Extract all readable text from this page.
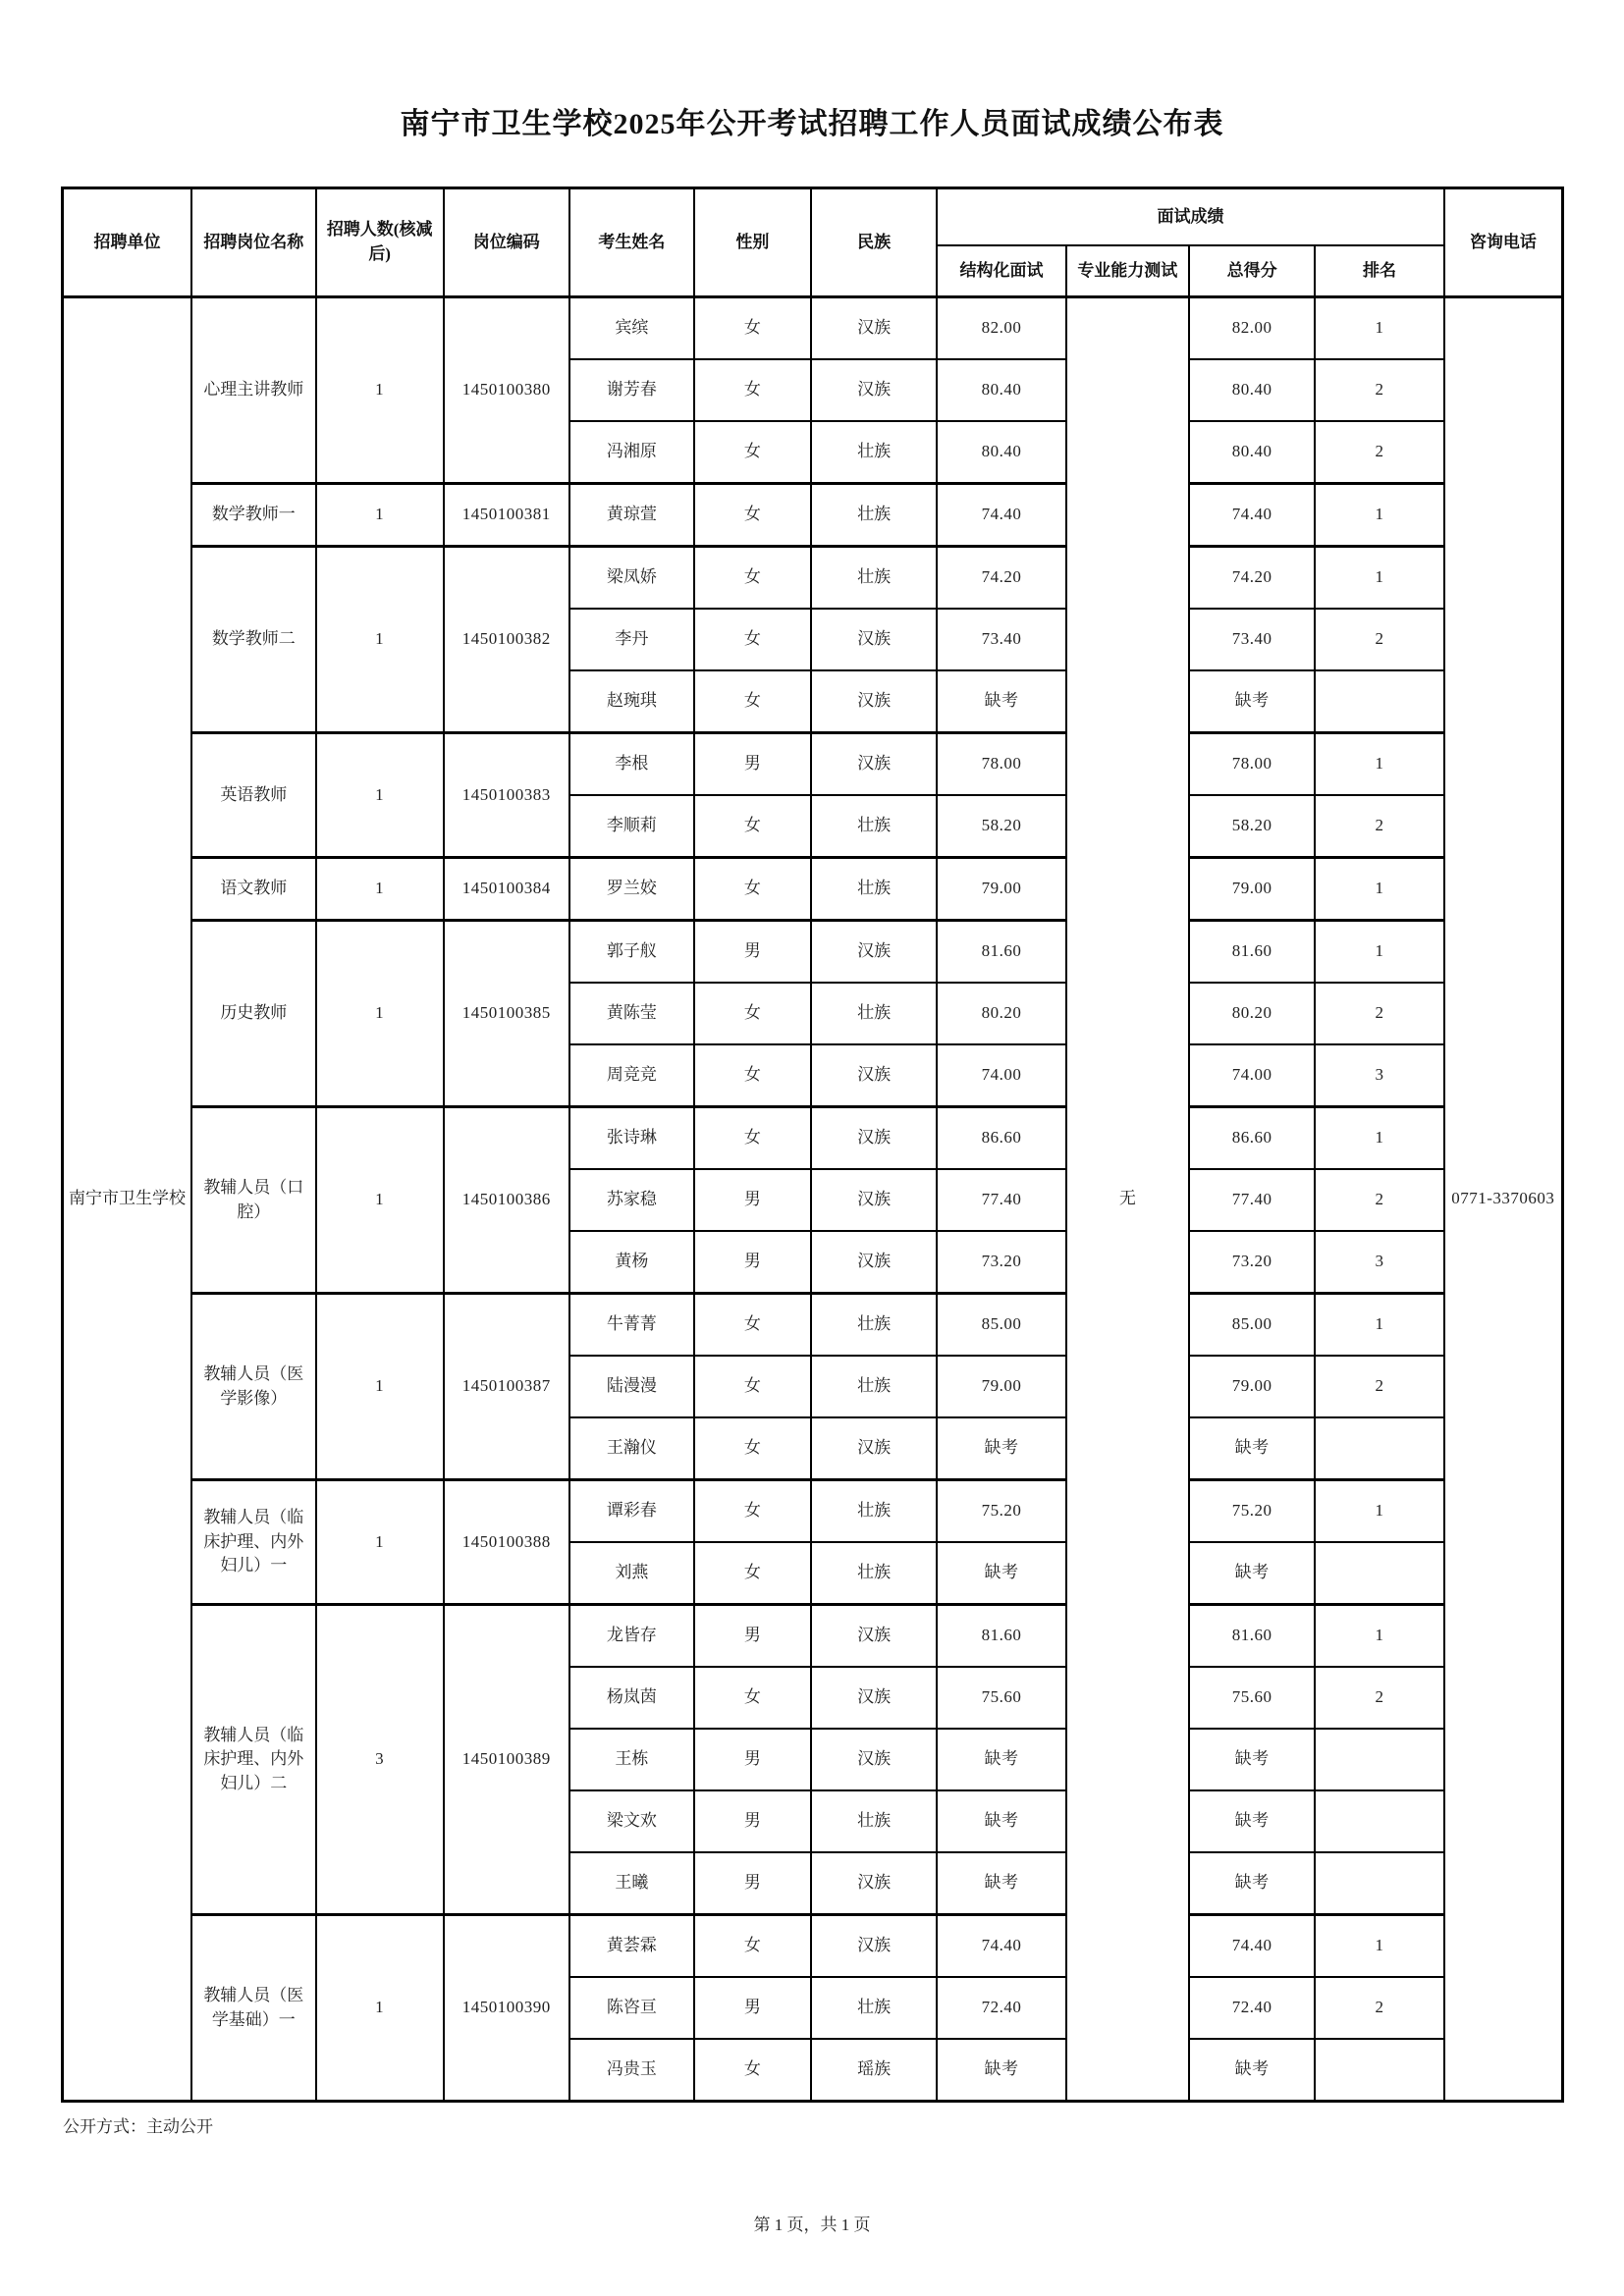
南宁市卫生学校2025年公开考试招聘工作人员面试成绩公布表
招聘单位	招聘岗位名称	招聘人数(核减后)	岗位编码	考生姓名	性别	民族	面试成绩				咨询电话
							结构化面试	专业能力测试	总得分	排名	
南宁市卫生学校	心理主讲教师	1	1450100380	宾缤	女	汉族	82.00	无	82.00	1	0771-3370603
				谢芳春	女	汉族	80.40		80.40	2	
				冯湘原	女	壮族	80.40		80.40	2	
	数学教师一	1	1450100381	黄琼萱	女	壮族	74.40		74.40	1	
	数学教师二	1	1450100382	梁凤娇	女	壮族	74.20		74.20	1	
				李丹	女	汉族	73.40		73.40	2	
				赵琬琪	女	汉族	缺考		缺考		
	英语教师	1	1450100383	李根	男	汉族	78.00		78.00	1	
				李顺莉	女	壮族	58.20		58.20	2	
	语文教师	1	1450100384	罗兰姣	女	壮族	79.00		79.00	1	
	历史教师	1	1450100385	郭子舣	男	汉族	81.60		81.60	1	
				黄陈莹	女	壮族	80.20		80.20	2	
				周竞竞	女	汉族	74.00		74.00	3	
	教辅人员（口腔）	1	1450100386	张诗琳	女	汉族	86.60		86.60	1	
				苏家稳	男	汉族	77.40		77.40	2	
				黄杨	男	汉族	73.20		73.20	3	
	教辅人员（医学影像）	1	1450100387	牛菁菁	女	壮族	85.00		85.00	1	
				陆漫漫	女	壮族	79.00		79.00	2	
				王瀚仪	女	汉族	缺考		缺考		
	教辅人员（临床护理、内外妇儿）一	1	1450100388	谭彩春	女	壮族	75.20		75.20	1	
				刘燕	女	壮族	缺考		缺考		
	教辅人员（临床护理、内外妇儿）二	3	1450100389	龙皆存	男	汉族	81.60		81.60	1	
				杨岚茵	女	汉族	75.60		75.60	2	
				王栋	男	汉族	缺考		缺考		
				梁文欢	男	壮族	缺考		缺考		
				王曦	男	汉族	缺考		缺考		
	教辅人员（医学基础）一	1	1450100390	黄荟霖	女	汉族	74.40		74.40	1	
				陈咨亘	男	壮族	72.40		72.40	2	
				冯贵玉	女	瑶族	缺考		缺考		
公开方式：主动公开
第 1 页，共 1 页
